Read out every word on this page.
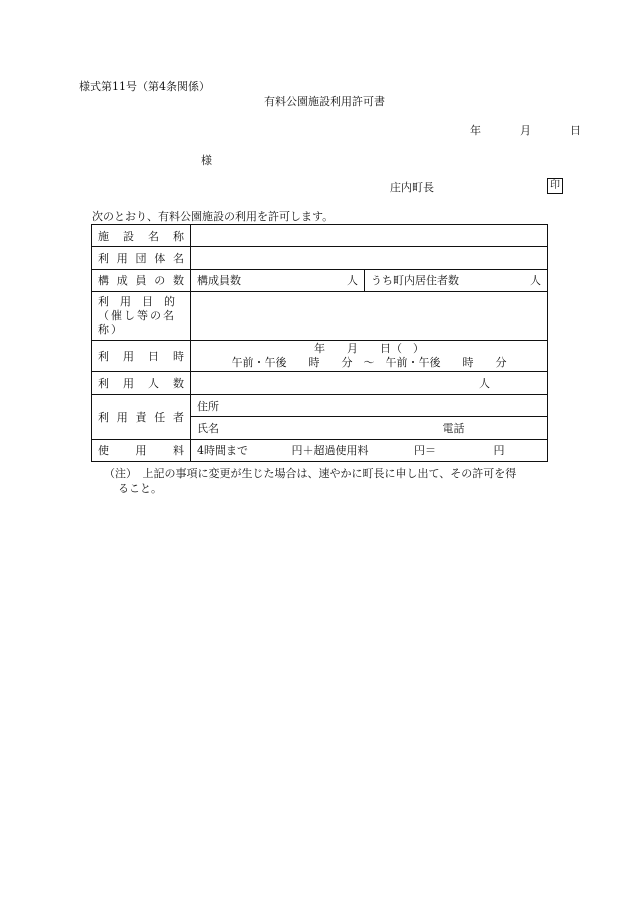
様式第11号（第4条関係）
有料公園施設利用許可書
年	月	日
様
庄内町長	印
次のとおり、有料公園施設の利用を許可します。
施設名称		
利用団体名		
構成員の数	構成員数 人	うち町内居住者数 人

利　用　目　的
（催し等の名称）		

利用日時	年　　月　　日（　）
午前・午後　　時　　分　～　午前・午後　　時　　分	

利用人数	人	
利用責任者	住所	
	氏名 電話	
使用料	4時間まで 円＋超過使用料 円＝ 円	
（注）　上記の事項に変更が生じた場合は、速やかに町長に申し出て、その許可を得
ること。
